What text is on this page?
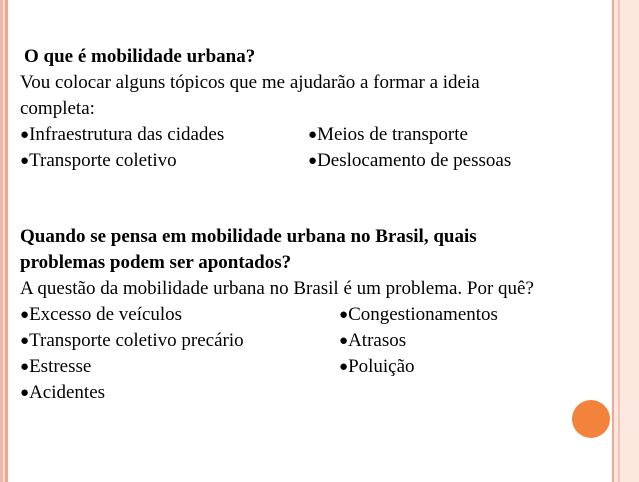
O que é mobilidade urbana?
Vou colocar alguns tópicos que me ajudarão a formar a ideia
completa:
●Infraestrutura das cidades	●Meios de transporte
●Transporte coletivo	●Deslocamento de pessoas
Quando se pensa em mobilidade urbana no Brasil, quais
problemas podem ser apontados?
A questão da mobilidade urbana no Brasil é um problema. Por quê?
●Excesso de veículos	●Congestionamentos
●Transporte coletivo precário	●Atrasos
●Estresse	●Poluição
●Acidentes
